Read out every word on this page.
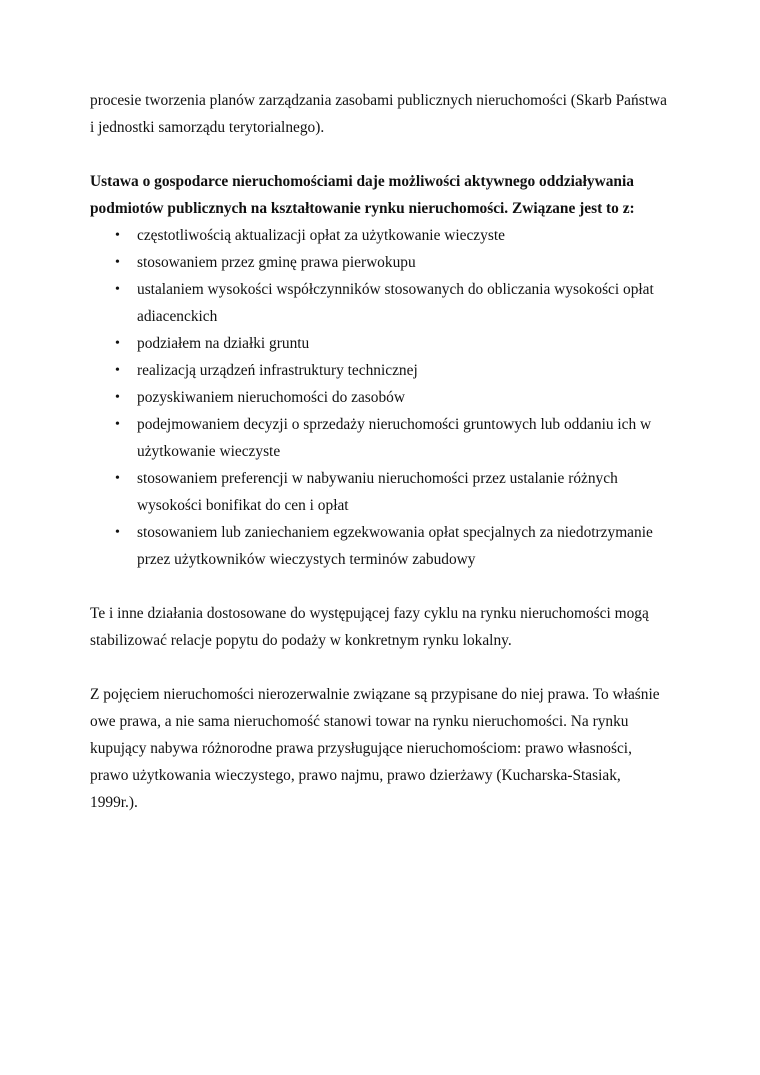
procesie tworzenia planów zarządzania zasobami publicznych nieruchomości (Skarb Państwa i jednostki samorządu terytorialnego).

Ustawa o gospodarce nieruchomościami daje możliwości aktywnego oddziaływania podmiotów publicznych na kształtowanie rynku nieruchomości. Związane jest to z:

• częstotliwością aktualizacji opłat za użytkowanie wieczyste
• stosowaniem przez gminę prawa pierwokupu
• ustalaniem wysokości współczynników stosowanych do obliczania wysokości opłat adiacenckich
• podziałem na działki gruntu
• realizacją urządzeń infrastruktury technicznej
• pozyskiwaniem nieruchomości do zasobów
• podejmowaniem decyzji o sprzedaży nieruchomości gruntowych lub oddaniu ich w użytkowanie wieczyste
• stosowaniem preferencji w nabywaniu nieruchomości przez ustalanie różnych wysokości bonifikat do cen i opłat
• stosowaniem lub zaniechaniem egzekwowania opłat specjalnych za niedotrzymanie przez użytkowników wieczystych terminów zabudowy

Te i inne działania dostosowane do występującej fazy cyklu na rynku nieruchomości mogą stabilizować relacje popytu do podaży w konkretnym rynku lokalny.

Z pojęciem nieruchomości nierozerwalnie związane są przypisane do niej prawa. To właśnie owe prawa, a nie sama nieruchomość stanowi towar na rynku nieruchomości. Na rynku kupujący nabywa różnorodne prawa przysługujące nieruchomościom: prawo własności, prawo użytkowania wieczystego, prawo najmu, prawo dzierżawy (Kucharska-Stasiak, 1999r.).
